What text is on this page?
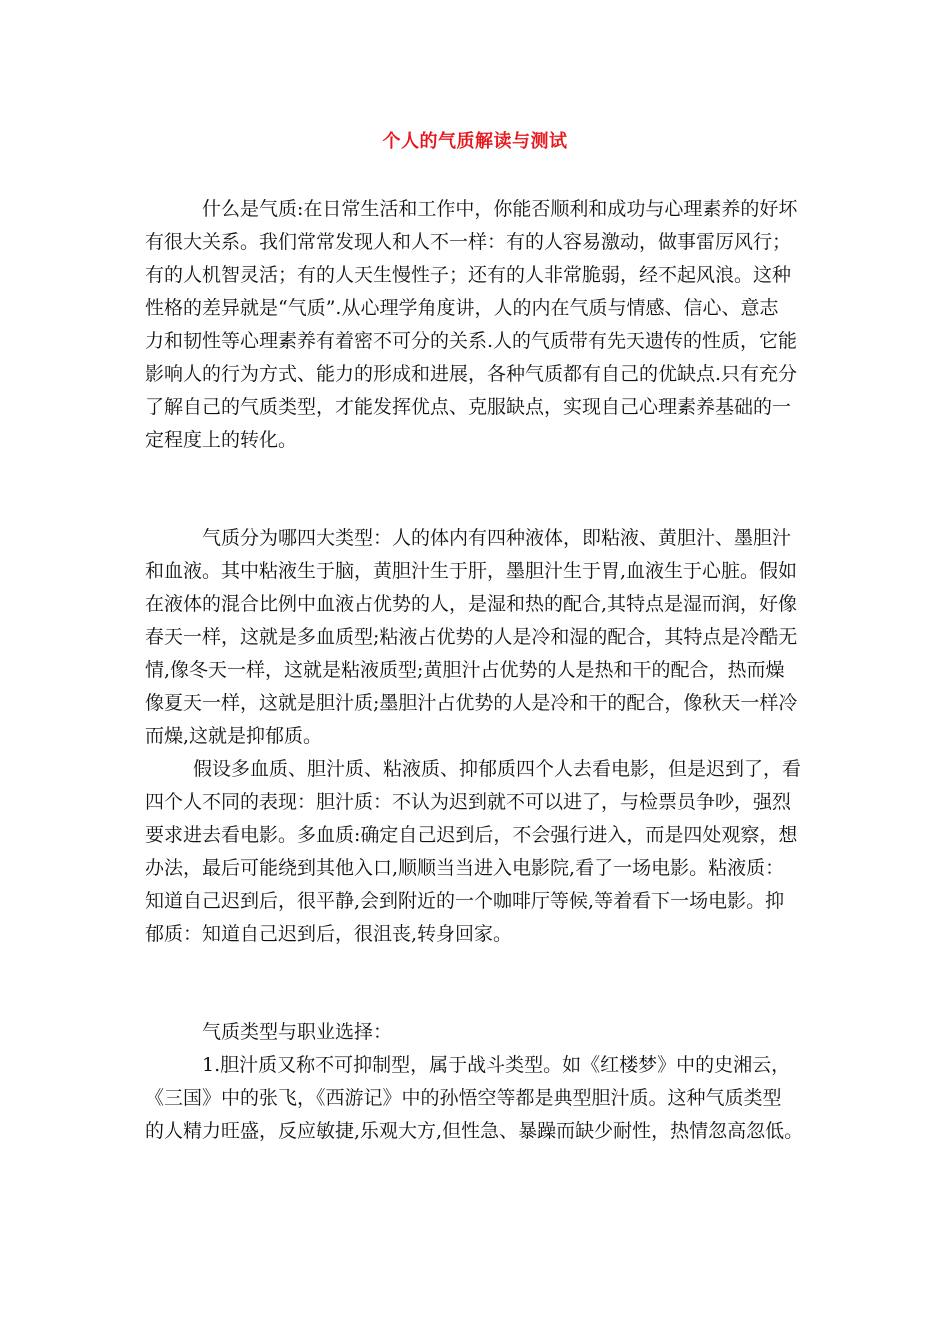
个人的气质解读与测试
什么是气质:在日常生活和工作中，你能否顺利和成功与心理素养的好坏
有很大关系。我们常常发现人和人不一样：有的人容易激动，做事雷厉风行；
有的人机智灵活；有的人天生慢性子；还有的人非常脆弱，经不起风浪。这种
性格的差异就是“气质”.从心理学角度讲，人的内在气质与情感、信心、意志
力和韧性等心理素养有着密不可分的关系.人的气质带有先天遗传的性质，它能
影响人的行为方式、能力的形成和进展，各种气质都有自己的优缺点.只有充分
了解自己的气质类型，才能发挥优点、克服缺点，实现自己心理素养基础的一
定程度上的转化。
气质分为哪四大类型：人的体内有四种液体，即粘液、黄胆汁、墨胆汁
和血液。其中粘液生于脑，黄胆汁生于肝，墨胆汁生于胃,血液生于心脏。假如
在液体的混合比例中血液占优势的人，是湿和热的配合,其特点是湿而润，好像
春天一样，这就是多血质型;粘液占优势的人是冷和湿的配合，其特点是冷酷无
情,像冬天一样，这就是粘液质型;黄胆汁占优势的人是热和干的配合，热而燥
像夏天一样，这就是胆汁质;墨胆汁占优势的人是冷和干的配合，像秋天一样冷
而燥,这就是抑郁质。
假设多血质、胆汁质、粘液质、抑郁质四个人去看电影，但是迟到了，看
四个人不同的表现：胆汁质：不认为迟到就不可以进了，与检票员争吵，强烈
要求进去看电影。多血质:确定自己迟到后，不会强行进入，而是四处观察，想
办法，最后可能绕到其他入口,顺顺当当进入电影院,看了一场电影。粘液质：
知道自己迟到后，很平静,会到附近的一个咖啡厅等候,等着看下一场电影。抑
郁质：知道自己迟到后，很沮丧,转身回家。
气质类型与职业选择：
1.胆汁质又称不可抑制型，属于战斗类型。如《红楼梦》中的史湘云，
《三国》中的张飞，《西游记》中的孙悟空等都是典型胆汁质。这种气质类型
的人精力旺盛，反应敏捷,乐观大方,但性急、暴躁而缺少耐性，热情忽高忽低。
